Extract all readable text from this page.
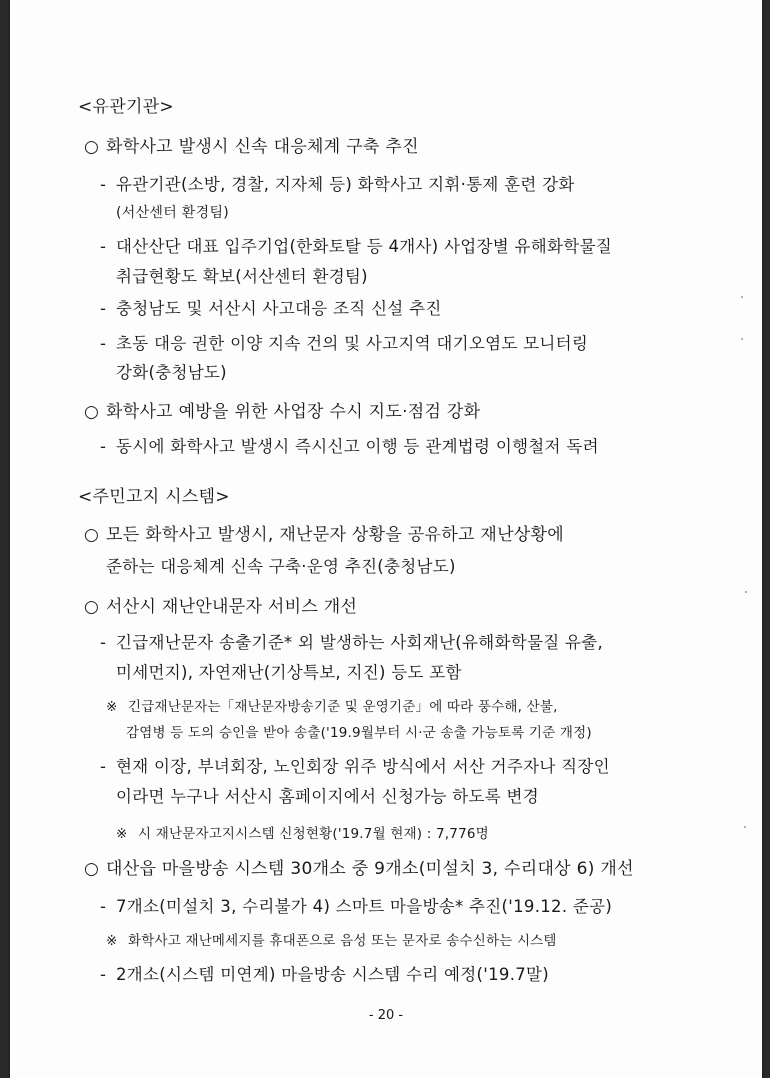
<유관기관>
○ 화학사고 발생시 신속 대응체계 구축 추진
- 유관기관(소방, 경찰, 지자체 등) 화학사고 지휘·통제 훈련 강화
(서산센터 환경팀)
- 대산산단 대표 입주기업(한화토탈 등 4개사) 사업장별 유해화학물질
취급현황도 확보(서산센터 환경팀)
- 충청남도 및 서산시 사고대응 조직 신설 추진
- 초동 대응 권한 이양 지속 건의 및 사고지역 대기오염도 모니터링
강화(충청남도)
○ 화학사고 예방을 위한 사업장 수시 지도·점검 강화
- 동시에 화학사고 발생시 즉시신고 이행 등 관계법령 이행철저 독려
<주민고지 시스템>
○ 모든 화학사고 발생시, 재난문자 상황을 공유하고 재난상황에
준하는 대응체계 신속 구축·운영 추진(충청남도)
○ 서산시 재난안내문자 서비스 개선
- 긴급재난문자 송출기준* 외 발생하는 사회재난(유해화학물질 유출,
미세먼지), 자연재난(기상특보, 지진) 등도 포함
※ 긴급재난문자는「재난문자방송기준 및 운영기준」에 따라 풍수해, 산불,
감염병 등 도의 승인을 받아 송출('19.9월부터 시·군 송출 가능토록 기준 개정)
- 현재 이장, 부녀회장, 노인회장 위주 방식에서 서산 거주자나 직장인
이라면 누구나 서산시 홈페이지에서 신청가능 하도록 변경
※ 시 재난문자고지시스템 신청현황('19.7월 현재) : 7,776명
○ 대산읍 마을방송 시스템 30개소 중 9개소(미설치 3, 수리대상 6) 개선
- 7개소(미설치 3, 수리불가 4) 스마트 마을방송* 추진('19.12. 준공)
※ 화학사고 재난메세지를 휴대폰으로 음성 또는 문자로 송수신하는 시스템
- 2개소(시스템 미연계) 마을방송 시스템 수리 예정('19.7말)
- 20 -
